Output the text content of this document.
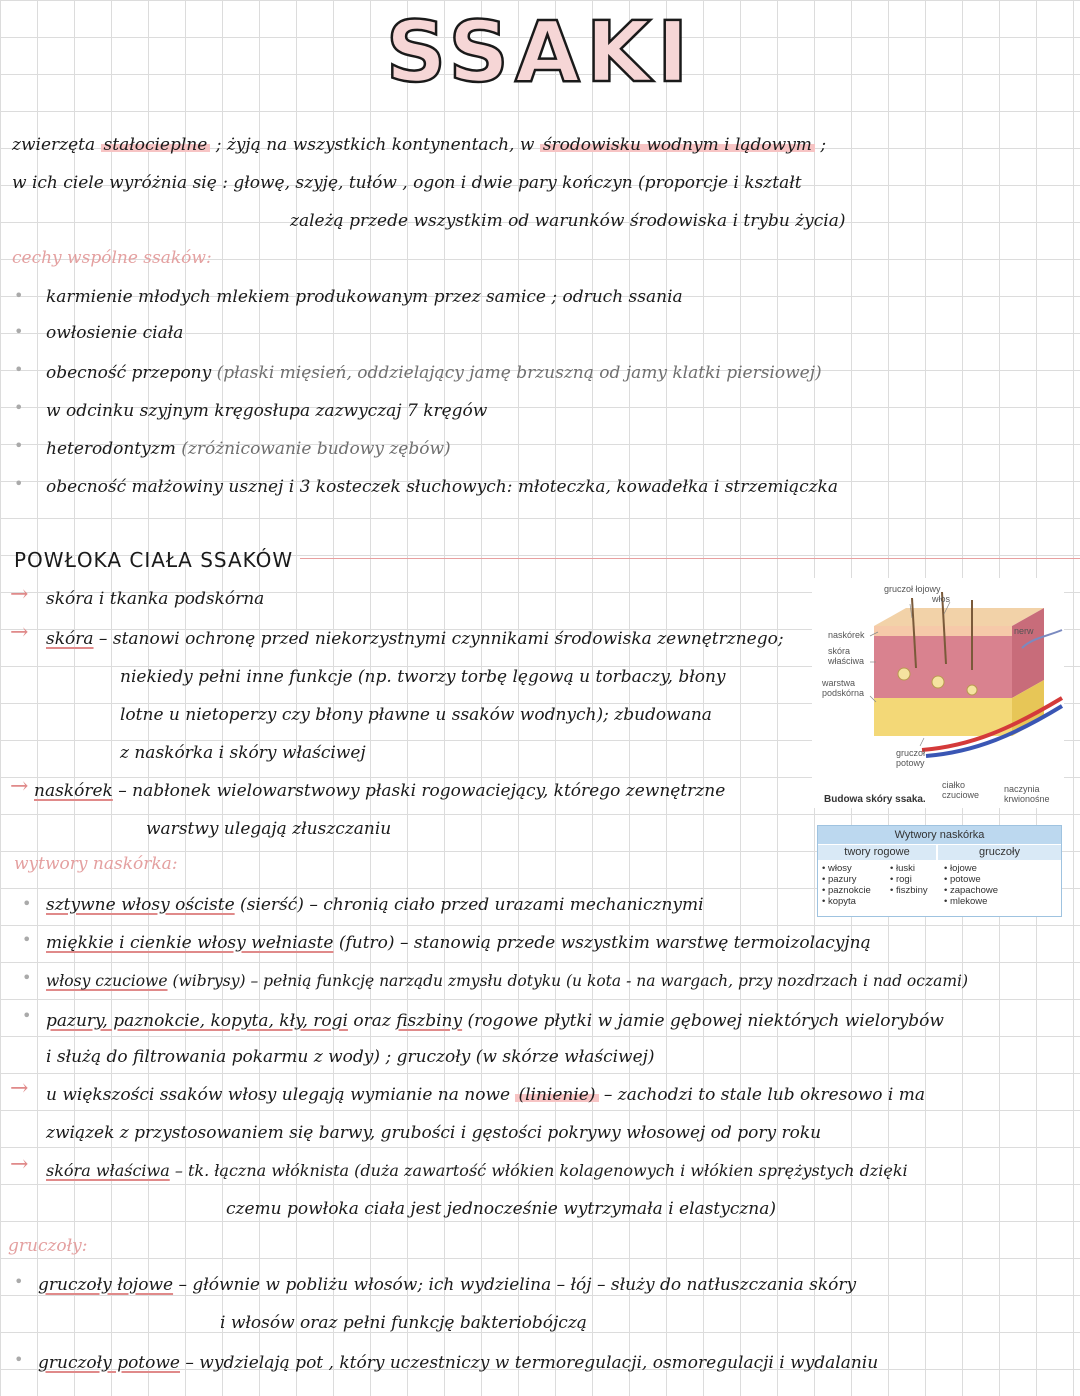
SSAKI
zwierzęta stałocieplne ; żyją na wszystkich kontynentach, w środowisku wodnym i lądowym ;
w ich ciele wyróżnia się : głowę, szyję, tułów , ogon i dwie pary kończyn (proporcje i kształt
zależą przede wszystkim od warunków środowiska i trybu życia)
cechy wspólne ssaków:
• karmienie młodych mlekiem produkowanym przez samice ; odruch ssania
• owłosienie ciała
• obecność przepony (płaski mięsień, oddzielający jamę brzuszną od jamy klatki piersiowej)
• w odcinku szyjnym kręgosłupa zazwyczaj 7 kręgów
• heterodontyzm (zróżnicowanie budowy zębów)
• obecność małżowiny usznej i 3 kosteczek słuchowych: młoteczka, kowadełka i strzemiączka
POWŁOKA CIAŁA SSAKÓW
→ skóra i tkanka podskórna
→ skóra – stanowi ochronę przed niekorzystnymi czynnikami środowiska zewnętrznego;
niekiedy pełni inne funkcje (np. tworzy torbę lęgową u torbaczy, błony
lotne u nietoperzy czy błony pławne u ssaków wodnych); zbudowana
z naskórka i skóry właściwej
→ naskórek – nabłonek wielowarstwowy płaski rogowaciejący, którego zewnętrzne
warstwy ulegają złuszczaniu
wytwory naskórka:
• sztywne włosy ościste (sierść) – chronią ciało przed urazami mechanicznymi
• miękkie i cienkie włosy wełniaste (futro) – stanowią przede wszystkim warstwę termoizolacyjną
• włosy czuciowe (wibrysy) – pełnią funkcję narządu zmysłu dotyku (u kota - na wargach, przy nozdrzach i nad oczami)
• pazury, paznokcie, kopyta, kły, rogi oraz fiszbiny (rogowe płytki w jamie gębowej niektórych wielorybów
i służą do filtrowania pokarmu z wody) ; gruczoły (w skórze właściwej)
→ u większości ssaków włosy ulegają wymianie na nowe (linienie) – zachodzi to stale lub okresowo i ma
związek z przystosowaniem się barwy, grubości i gęstości pokrywy włosowej od pory roku
→ skóra właściwa – tk. łączna włóknista (duża zawartość włókien kolagenowych i włókien sprężystych dzięki
czemu powłoka ciała jest jednocześnie wytrzymała i elastyczna)
gruczoły:
• gruczoły łojowe – głównie w pobliżu włosów; ich wydzielina – łój – służy do natłuszczania skóry
i włosów oraz pełni funkcję bakteriobójczą
• gruczoły potowe – wydzielają pot , który uczestniczy w termoregulacji, osmoregulacji i wydalaniu
gruczoł łojowy
włos
nerw
naskórek
skóra właściwa
warstwa podskórna
gruczoł potowy
ciałko czuciowe
naczynia krwionośne
Budowa skóry ssaka.
Wytwory naskórka
twory rogowe	gruczoły
• włosy
• pazury
• paznokcie
• kopyta
• łuski
• rogi
• fiszbiny
• łojowe
• potowe
• zapachowe
• mlekowe
